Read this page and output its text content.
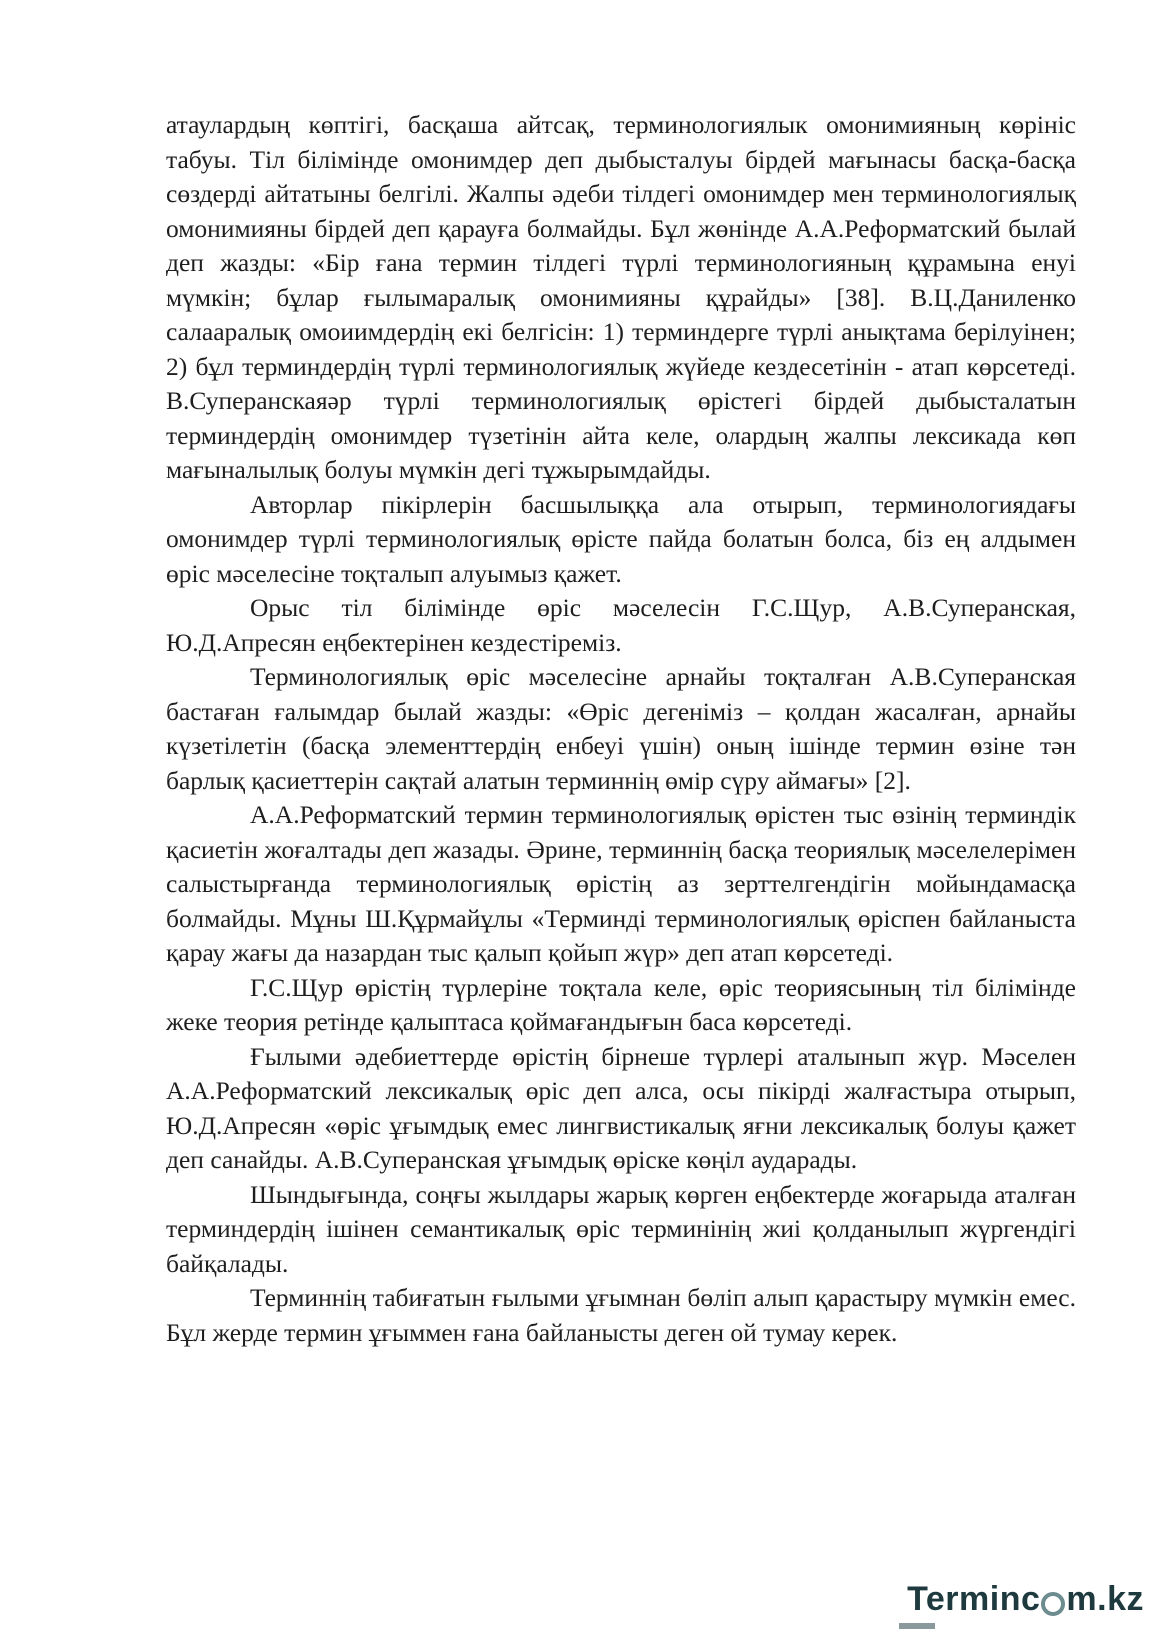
атаулардың көптігі, басқаша айтсақ, терминологиялык омонимияның көрініс табуы. Тіл білімінде омонимдер деп дыбысталуы бірдей мағынасы басқа-басқа сөздерді айтатыны белгілі. Жалпы әдеби тілдегі омонимдер мен терминологиялық омонимияны бірдей деп қарауға болмайды. Бұл жөнінде А.А.Реформатский былай деп жазды: «Бір ғана термин тілдегі түрлі терминологияның құрамына енуі мүмкін; бұлар ғылымаралық омонимияны құрайды» [38]. В.Ц.Даниленко салааралық омоиимдердің екі белгісін: 1) терминдерге түрлі анықтама берілуінен; 2) бұл терминдердің түрлі терминологиялық жүйеде кездесетінін - атап көрсетеді. В.Суперанскаяәр түрлі терминологиялық өрістегі бірдей дыбысталатын терминдердің омонимдер түзетінін айта келе, олардың жалпы лексикада көп мағыналылық болуы мүмкін дегі тұжырымдайды.

Авторлар пікірлерін басшылыққа ала отырып, терминологиядағы омонимдер түрлі терминологиялық өрісте пайда болатын болса, біз ең алдымен өріс мәселесіне тоқталып алуымыз қажет.

Орыс тіл білімінде өріс мәселесін Г.С.Щур, А.В.Суперанская, Ю.Д.Апресян еңбектерінен кездестіреміз.

Терминологиялық өріс мәселесіне арнайы тоқталған А.В.Суперанская бастаған ғалымдар былай жазды: «Өріс дегеніміз – қолдан жасалған, арнайы күзетілетін (басқа элементтердің енбеуі үшін) оның ішінде термин өзіне тән барлық қасиеттерін сақтай алатын терминнің өмір сүру аймағы» [2].

А.А.Реформатский термин терминологиялық өрістен тыс өзінің терминдік қасиетін жоғалтады деп жазады. Әрине, терминнің басқа теориялық мәселелерімен салыстырғанда терминологиялық өрістің аз зерттелгендігін мойындамасқа болмайды. Мұны Ш.Құрмайұлы «Терминді терминологиялық өріспен байланыста қарау жағы да назардан тыс қалып қойып жүр» деп атап көрсетеді.

Г.С.Щур өрістің түрлеріне тоқтала келе, өріс теориясының тіл білімінде жеке теория ретінде қалыптаса қоймағандығын баса көрсетеді.

Ғылыми әдебиеттерде өрістің бірнеше түрлері аталынып жүр. Мәселен А.А.Реформатский лексикалық өріс деп алса, осы пікірді жалғастыра отырып, Ю.Д.Апресян «өріс ұғымдық емес лингвистикалық яғни лексикалық болуы қажет деп санайды. А.В.Суперанская ұғымдық өріске көңіл аударады.

Шындығында, соңғы жылдары жарық көрген еңбектерде жоғарыда аталған терминдердің ішінен семантикалық өріс терминінің жиі қолданылып жүргендігі байқалады.

Терминнің табиғатын ғылыми ұғымнан бөліп алып қарастыру мүмкін емес. Бұл жерде термин ұғыммен ғана байланысты деген ой тумау керек.

Termin c m.kz
